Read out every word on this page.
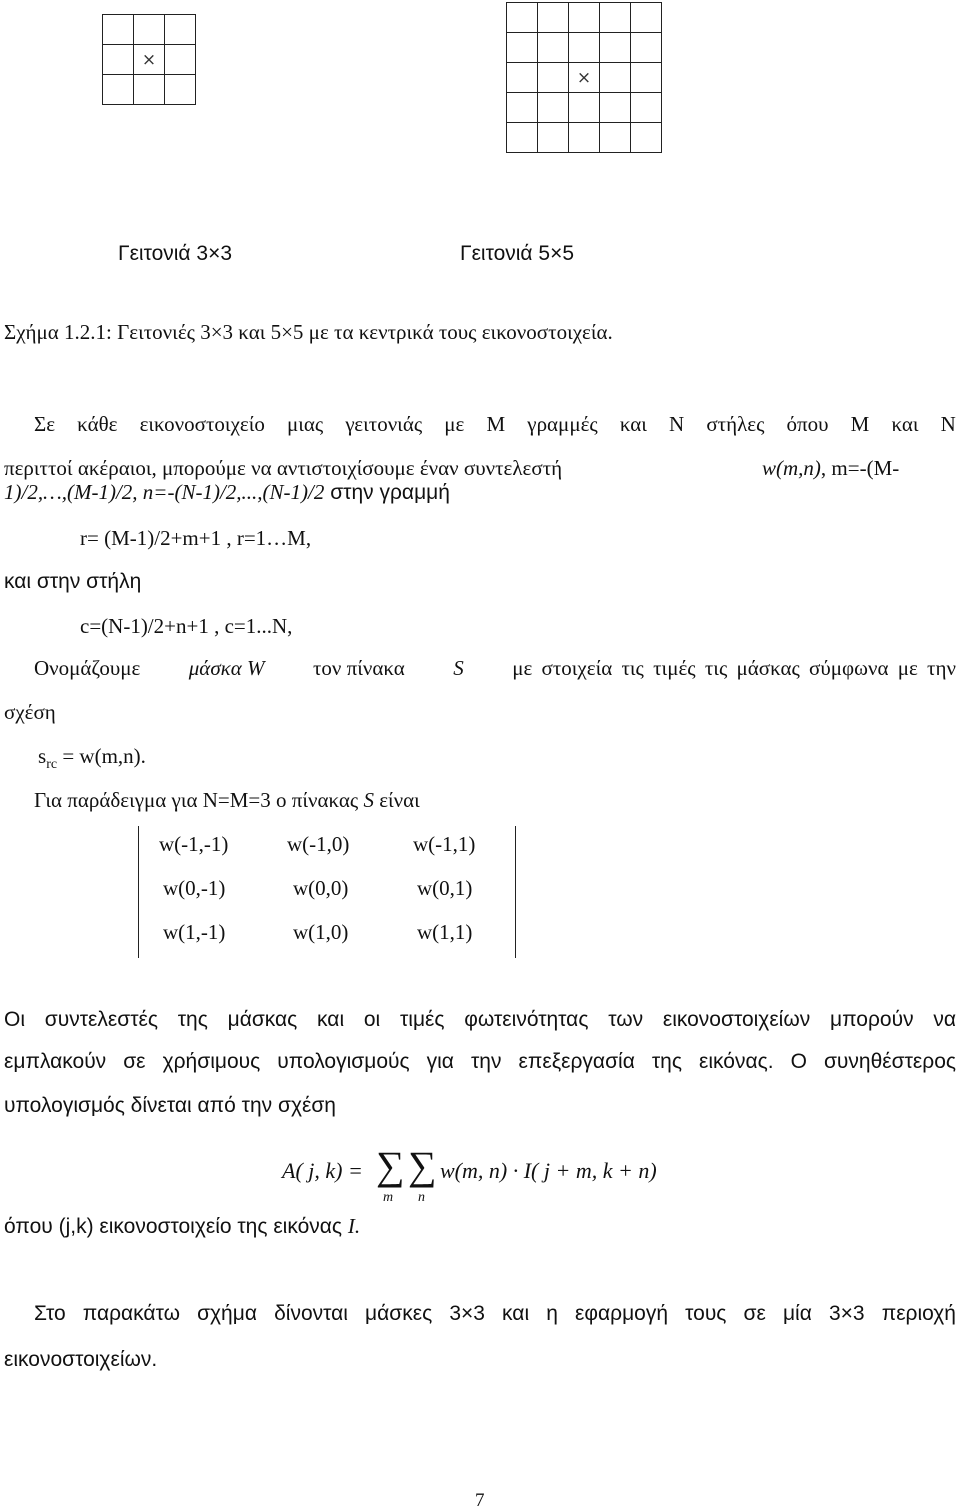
	×	

		×		

Γειτονιά 3×3	Γειτονιά 5×5
Σχήμα 1.2.1: Γειτονιές 3×3 και 5×5 με τα κεντρικά τους εικονοστοιχεία.
Σε κάθε εικονοστοιχείο μιας γειτονιάς με M γραμμές και N στήλες όπου M και N
περιττοί ακέραιοι, μπορούμε να αντιστοιχίσουμε έναν συντελεστή	w(m,n), m=-(M-
1)/2,…,(M-1)/2, n=-(N-1)/2,...,(N-1)/2 στην γραμμή
r= (M-1)/2+m+1 , r=1…M,
και στην στήλη
c=(N-1)/2+n+1 , c=1...N,
Ονομάζουμε μάσκα W τον πίνακα S με στοιχεία τις τιμές τις μάσκας σύμφωνα με την
σχέση
$s_{rc} = w(m,n)$.
Για παράδειγμα για N=M=3 ο πίνακας S είναι
w(-1,-1)	w(-1,0)	w(-1,1)
w(0,-1)	w(0,0)	w(0,1)
w(1,-1)	w(1,0)	w(1,1)
Οι συντελεστές της μάσκας και οι τιμές φωτεινότητας των εικονοστοιχείων μπορούν να
εμπλακούν σε χρήσιμους υπολογισμούς για την επεξεργασία της εικόνας. Ο συνηθέστερος
υπολογισμός δίνεται από την σχέση
A( j, k) = ∑
m
∑
n
w(m, n) · I( j + m, k + n)
όπου (j,k) εικονοστοιχείο της εικόνας I.
Στο παρακάτω σχήμα δίνονται μάσκες 3×3 και η εφαρμογή τους σε μία 3×3 περιοχή
εικονοστοιχείων.
7
